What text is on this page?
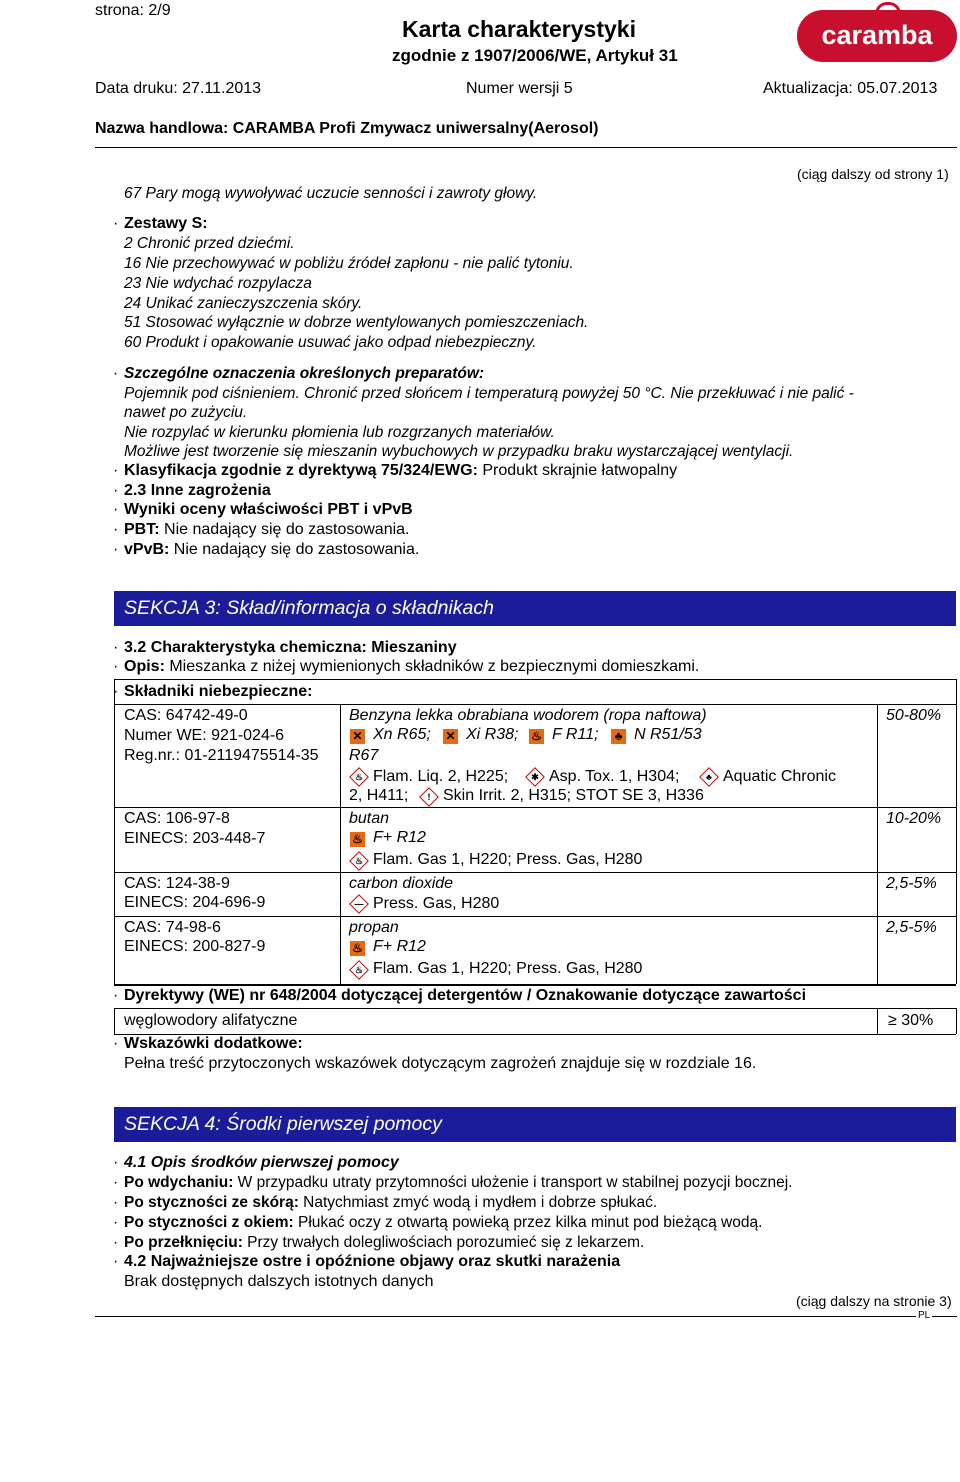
strona: 2/9
Karta charakterystyki
zgodnie z 1907/2006/WE, Artykuł 31
caramba
Data druku: 27.11.2013	Numer wersji 5	Aktualizacja: 05.07.2013
Nazwa handlowa: CARAMBA Profi Zmywacz uniwersalny(Aerosol)
(ciąg dalszy od strony 1)
67 Pary mogą wywoływać uczucie senności i zawroty głowy.
· Zestawy S:
2 Chronić przed dziećmi.
16 Nie przechowywać w pobliżu źródeł zapłonu - nie palić tytoniu.
23 Nie wdychać rozpylacza
24 Unikać zanieczyszczenia skóry.
51 Stosować wyłącznie w dobrze wentylowanych pomieszczeniach.
60 Produkt i opakowanie usuwać jako odpad niebezpieczny.
· Szczególne oznaczenia określonych preparatów:
Pojemnik pod ciśnieniem. Chronić przed słońcem i temperaturą powyżej 50 °C. Nie przekłuwać i nie palić -
nawet po zużyciu.
Nie rozpylać w kierunku płomienia lub rozgrzanych materiałów.
Możliwe jest tworzenie się mieszanin wybuchowych w przypadku braku wystarczającej wentylacji.
· Klasyfikacja zgodnie z dyrektywą 75/324/EWG: Produkt skrajnie łatwopalny
· 2.3 Inne zagrożenia
· Wyniki oceny właściwości PBT i vPvB
· PBT: Nie nadający się do zastosowania.
· vPvB: Nie nadający się do zastosowania.
SEKCJA 3: Skład/informacja o składnikach
· 3.2 Charakterystyka chemiczna: Mieszaniny
· Opis: Mieszanka z niżej wymienionych składników z bezpiecznymi domieszkami.
· Składniki niebezpieczne:
CAS: 64742-49-0
Numer WE: 921-024-6
Reg.nr.: 01-2119475514-35
Benzyna lekka obrabiana wodorem (ropa naftowa)	50-80%
✕ Xn R65; ✕ Xi R38; ♨ F R11; ♣ N R51/53
R67
♨ Flam. Liq. 2, H225;	✱ Asp. Tox. 1, H304;	♣ Aquatic Chronic
2, H411;	! Skin Irrit. 2, H315; STOT SE 3, H336
CAS: 106-97-8
EINECS: 203-448-7
butan	10-20%
♨ F+ R12
♨ Flam. Gas 1, H220; Press. Gas, H280
CAS: 124-38-9
EINECS: 204-696-9
carbon dioxide	2,5-5%
— Press. Gas, H280
CAS: 74-98-6
EINECS: 200-827-9
propan	2,5-5%
♨ F+ R12
♨ Flam. Gas 1, H220; Press. Gas, H280
· Dyrektywy (WE) nr 648/2004 dotyczącej detergentów / Oznakowanie dotyczące zawartości
węglowodory alifatyczne	≥ 30%
· Wskazówki dodatkowe:
Pełna treść przytoczonych wskazówek dotyczącym zagrożeń znajduje się w rozdziale 16.
SEKCJA 4: Środki pierwszej pomocy
· 4.1 Opis środków pierwszej pomocy
· Po wdychaniu: W przypadku utraty przytomności ułożenie i transport w stabilnej pozycji bocznej.
· Po styczności ze skórą: Natychmiast zmyć wodą i mydłem i dobrze spłukać.
· Po styczności z okiem: Płukać oczy z otwartą powieką przez kilka minut pod bieżącą wodą.
· Po przełknięciu: Przy trwałych dolegliwościach porozumieć się z lekarzem.
· 4.2 Najważniejsze ostre i opóźnione objawy oraz skutki narażenia
Brak dostępnych dalszych istotnych danych
(ciąg dalszy na stronie 3)
PL
